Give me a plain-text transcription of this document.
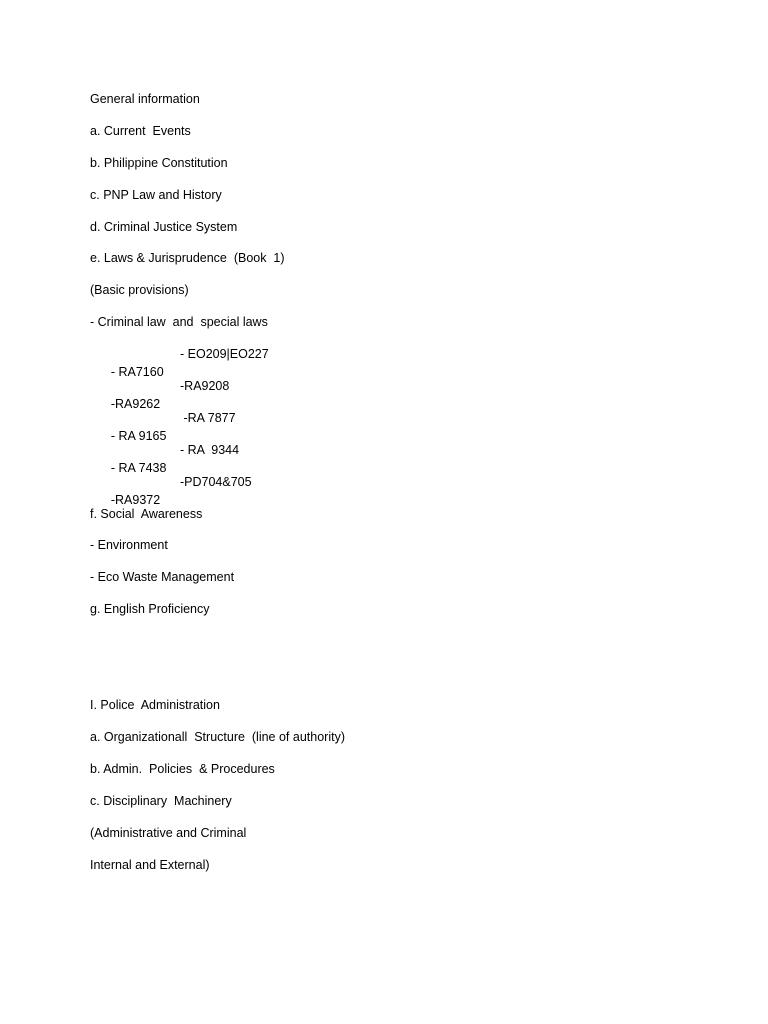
General information
a. Current  Events
b. Philippine Constitution
c. PNP Law and History
d. Criminal Justice System
e. Laws & Jurisprudence  (Book  1)
(Basic provisions)
- Criminal law  and  special laws

- RA7160

- EO209|EO227

-RA9262

-RA9208

- RA 9165

-RA 7877

- RA 7438

- RA  9344

-RA9372

-PD704&705

f. Social  Awareness
- Environment
- Eco Waste Management
g. English Proficiency
I. Police  Administration
a. Organizationall  Structure  (line of authority)
b. Admin.  Policies  & Procedures
c. Disciplinary  Machinery
(Administrative and Criminal
Internal and External)
